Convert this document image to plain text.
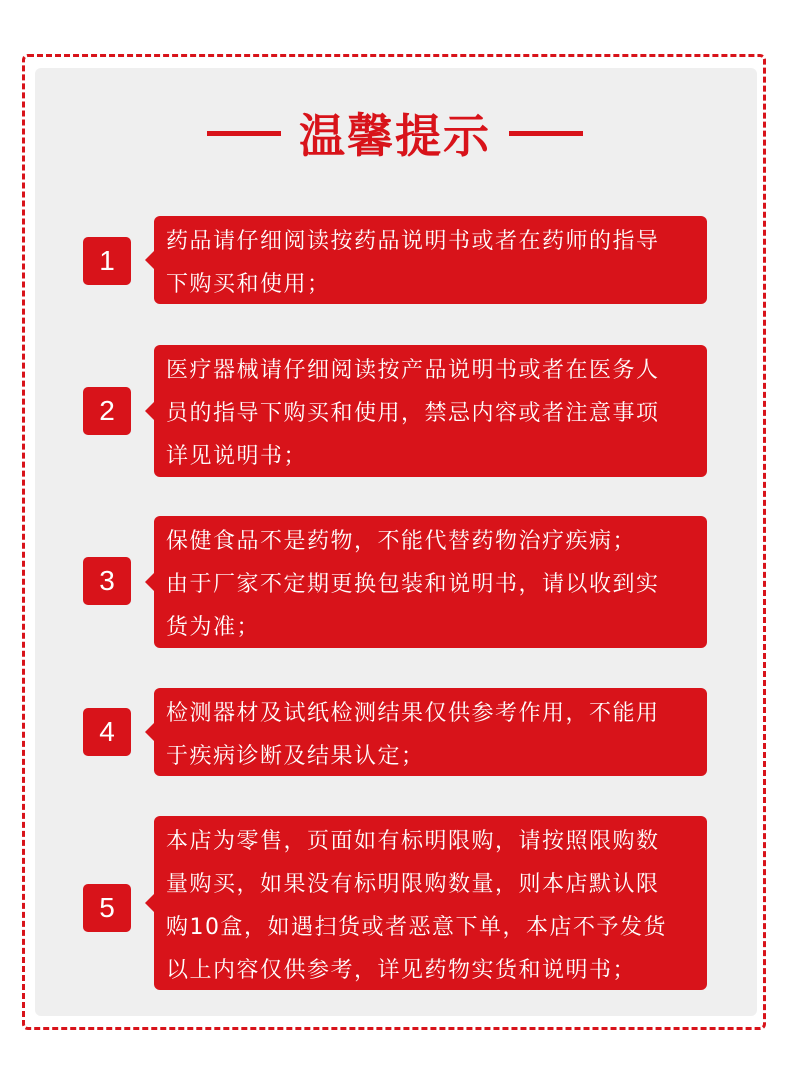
温馨提示
1
药品请仔细阅读按药品说明书或者在药师的指导
下购买和使用；
2
医疗器械请仔细阅读按产品说明书或者在医务人
员的指导下购买和使用，禁忌内容或者注意事项
详见说明书；
3
保健食品不是药物，不能代替药物治疗疾病；
由于厂家不定期更换包装和说明书，请以收到实
货为准；
4
检测器材及试纸检测结果仅供参考作用，不能用
于疾病诊断及结果认定；
5
本店为零售，页面如有标明限购，请按照限购数
量购买，如果没有标明限购数量，则本店默认限
购10盒，如遇扫货或者恶意下单，本店不予发货
以上内容仅供参考，详见药物实货和说明书；
